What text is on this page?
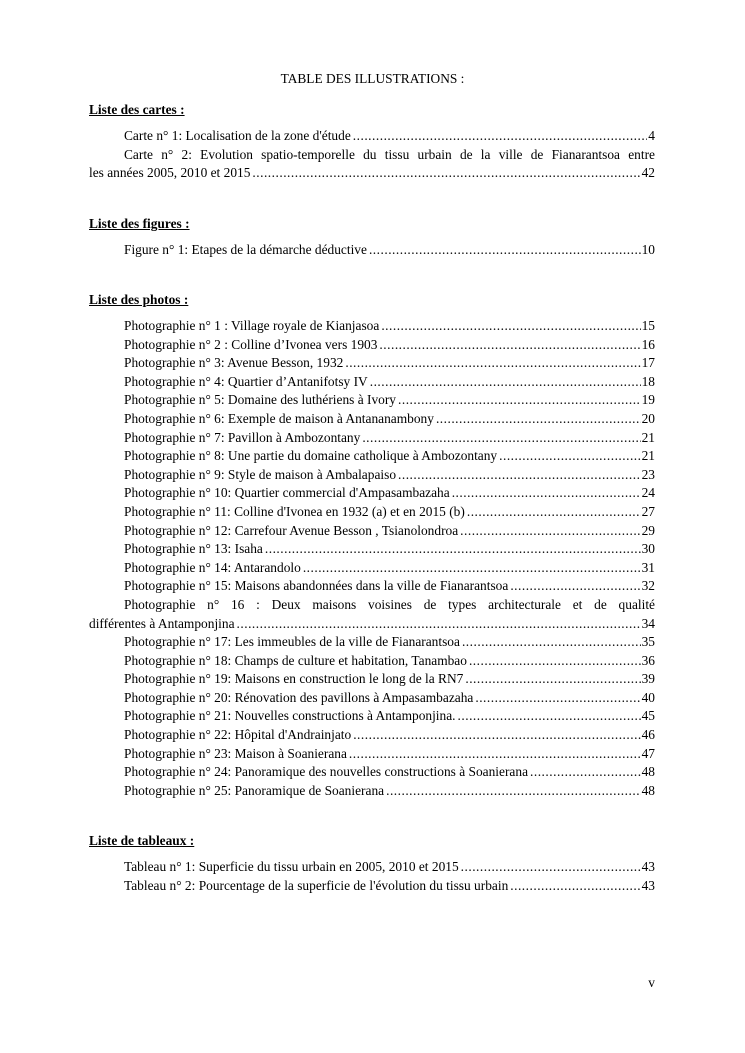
TABLE DES ILLUSTRATIONS :
Liste des cartes :
Carte n° 1: Localisation de la zone d'étude .....	4
Carte n° 2: Evolution spatio-temporelle du tissu urbain de la ville de Fianarantsoa entre
les années 2005, 2010 et 2015 .....	42
Liste des figures :
Figure n° 1: Etapes de la démarche déductive .....	10
Liste des photos :
Photographie n° 1 : Village royale de Kianjasoa .....	15
Photographie n° 2 : Colline d’Ivonea vers 1903 .....	16
Photographie n° 3: Avenue Besson, 1932 .....	17
Photographie n° 4: Quartier d’Antanifotsy IV .....	18
Photographie n° 5: Domaine des luthériens à Ivory .....	19
Photographie n° 6: Exemple de maison à Antananambony .....	20
Photographie n° 7: Pavillon à Ambozontany .....	21
Photographie n° 8: Une partie du domaine catholique à Ambozontany .....	21
Photographie n° 9: Style de maison à Ambalapaiso .....	23
Photographie n° 10: Quartier commercial d'Ampasambazaha .....	24
Photographie n° 11: Colline d'Ivonea en 1932 (a) et en 2015 (b) .....	27
Photographie n° 12: Carrefour Avenue Besson , Tsianolondroa .....	29
Photographie n° 13: Isaha .....	30
Photographie n° 14: Antarandolo .....	31
Photographie n° 15: Maisons abandonnées dans la ville de Fianarantsoa .....	32
Photographie n° 16 : Deux maisons voisines de types architecturale et de qualité
différentes à Antamponjina .....	34
Photographie n° 17: Les immeubles de la ville de Fianarantsoa .....	35
Photographie n° 18: Champs de culture et habitation, Tanambao .....	36
Photographie n° 19: Maisons en construction le long de la RN7 .....	39
Photographie n° 20: Rénovation des pavillons à Ampasambazaha .....	40
Photographie n° 21: Nouvelles constructions à Antamponjina. .....	45
Photographie n° 22: Hôpital d'Andrainjato .....	46
Photographie n° 23: Maison à Soanierana .....	47
Photographie n° 24: Panoramique des nouvelles constructions à Soanierana .....	48
Photographie n° 25: Panoramique de Soanierana .....	48
Liste de tableaux :
Tableau n° 1: Superficie du tissu urbain en 2005, 2010 et 2015 .....	43
Tableau n° 2: Pourcentage de la superficie de l'évolution du tissu urbain .....	43
v
